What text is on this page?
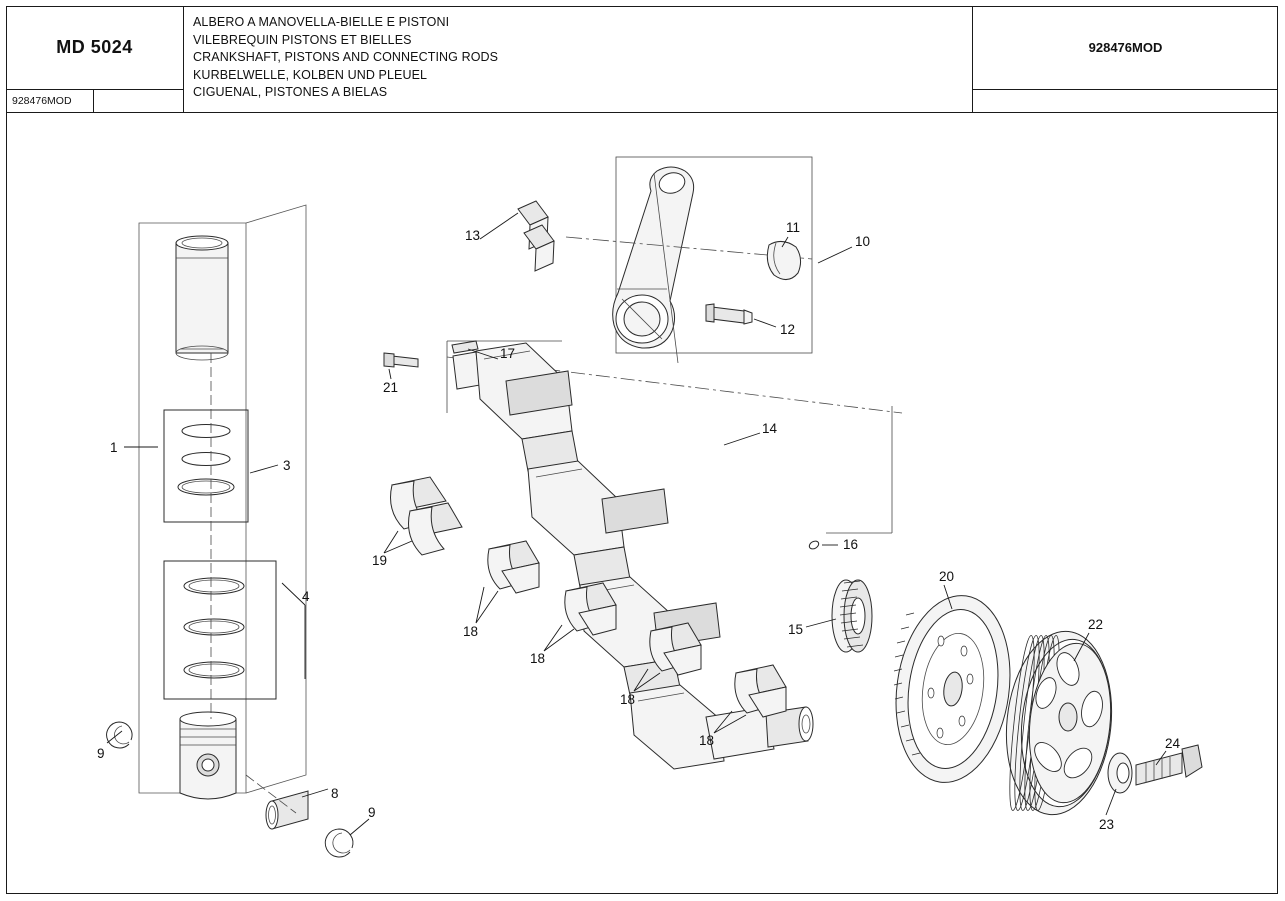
MD 5024
928476MOD
ALBERO A MANOVELLA-BIELLE E PISTONI
VILEBREQUIN PISTONS ET BIELLES
CRANKSHAFT, PISTONS AND CONNECTING RODS
KURBELWELLE, KOLBEN UND PLEUEL
CIGUENAL, PISTONES A BIELAS
928476MOD
1
3
4
8
9
9
10
11
12
13
14
15
16
17
18
18
18
18
19
20
21
22
23
24
